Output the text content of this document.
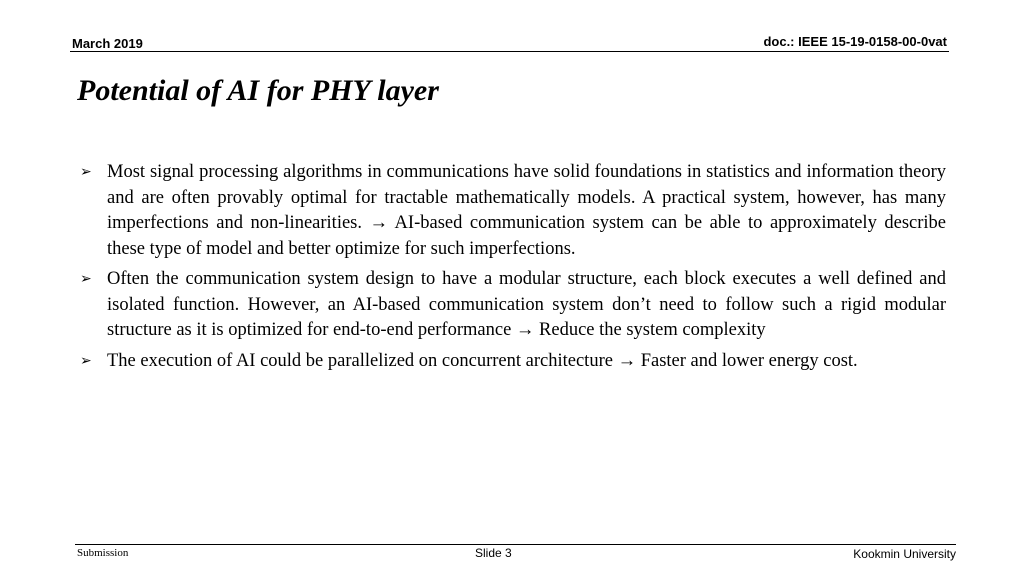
March 2019	doc.: IEEE 15-19-0158-00-0vat
Potential of AI for PHY layer
➢ Most signal processing algorithms in communications have solid foundations in statistics and information theory and are often provably optimal for tractable mathematically models. A practical system, however, has many imperfections and non-linearities. → AI-based communication system can be able to approximately describe these type of model and better optimize for such imperfections.
➢ Often the communication system design to have a modular structure, each block executes a well defined and isolated function. However, an AI-based communication system don’t need to follow such a rigid modular structure as it is optimized for end-to-end performance → Reduce the system complexity
➢ The execution of AI could be parallelized on concurrent architecture → Faster and lower energy cost.
Submission	Slide 3	Kookmin University
